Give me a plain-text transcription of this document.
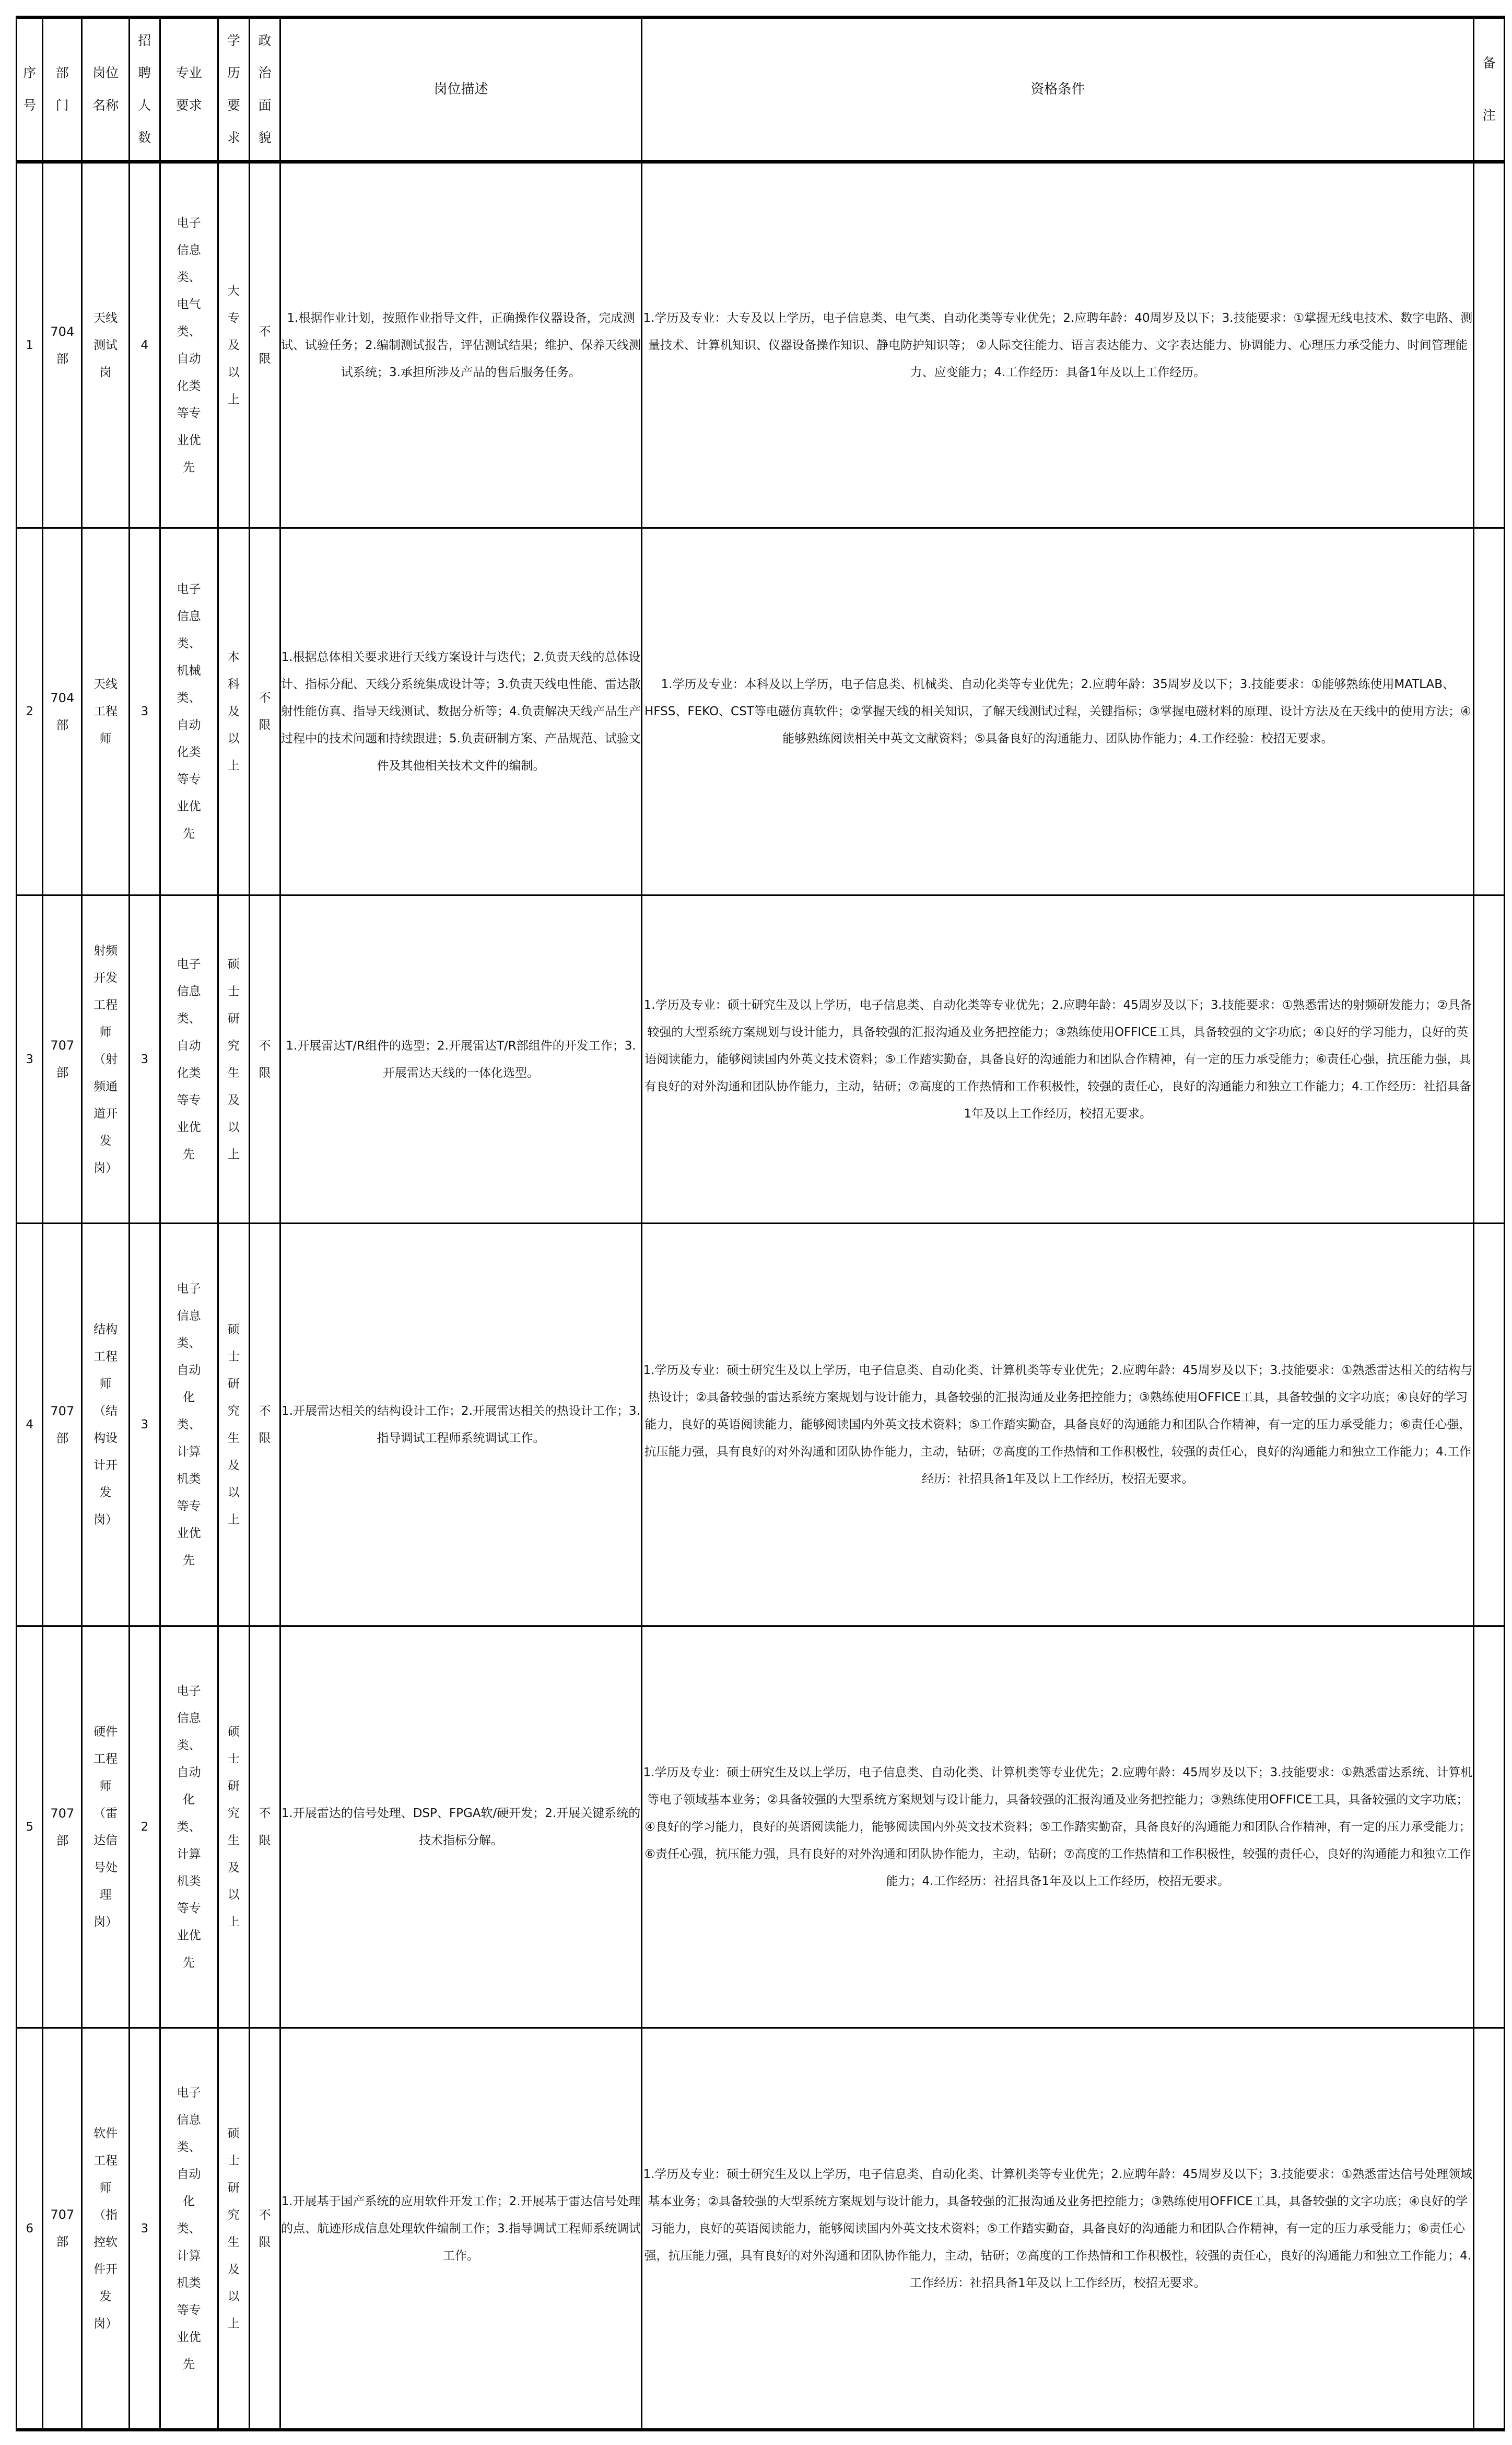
序号	部门	岗位名称	招聘人数	专业要求	学历要求	政治面貌	岗位描述	资格条件	备注
1	704部	天线测试岗	4	电子信息类、电气类、自动化类等专业优先	大专及以上	不限	1.根据作业计划，按照作业指导文件，正确操作仪器设备，完成测试、试验任务；2.编制测试报告，评估测试结果；维护、保养天线测试系统；3.承担所涉及产品的售后服务任务。	1.学历及专业：大专及以上学历，电子信息类、电气类、自动化类等专业优先；2.应聘年龄：40周岁及以下；3.技能要求：①掌握无线电技术、数字电路、测量技术、计算机知识、仪器设备操作知识、静电防护知识等； ②人际交往能力、语言表达能力、文字表达能力、协调能力、心理压力承受能力、时间管理能力、应变能力；4.工作经历：具备1年及以上工作经历。	
2	704部	天线工程师	3	电子信息类、机械类、自动化类等专业优先	本科及以上	不限	1.根据总体相关要求进行天线方案设计与迭代；2.负责天线的总体设计、指标分配、天线分系统集成设计等；3.负责天线电性能、雷达散射性能仿真、指导天线测试、数据分析等；4.负责解决天线产品生产过程中的技术问题和持续跟进；5.负责研制方案、产品规范、试验文件及其他相关技术文件的编制。	1.学历及专业：本科及以上学历，电子信息类、机械类、自动化类等专业优先；2.应聘年龄：35周岁及以下；3.技能要求：①能够熟练使用MATLAB、HFSS、FEKO、CST等电磁仿真软件；②掌握天线的相关知识，了解天线测试过程，关键指标；③掌握电磁材料的原理、设计方法及在天线中的使用方法；④能够熟练阅读相关中英文文献资料；⑤具备良好的沟通能力、团队协作能力；4.工作经验：校招无要求。	
3	707部	射频开发工程师（射频通道开发岗）	3	电子信息类、自动化类等专业优先	硕士研究生及以上	不限	1.开展雷达T/R组件的选型；2.开展雷达T/R部组件的开发工作；3.开展雷达天线的一体化选型。	1.学历及专业：硕士研究生及以上学历，电子信息类、自动化类等专业优先；2.应聘年龄：45周岁及以下；3.技能要求：①熟悉雷达的射频研发能力；②具备较强的大型系统方案规划与设计能力，具备较强的汇报沟通及业务把控能力；③熟练使用OFFICE工具，具备较强的文字功底；④良好的学习能力，良好的英语阅读能力，能够阅读国内外英文技术资料；⑤工作踏实勤奋，具备良好的沟通能力和团队合作精神，有一定的压力承受能力；⑥责任心强，抗压能力强，具有良好的对外沟通和团队协作能力，主动，钻研；⑦高度的工作热情和工作积极性，较强的责任心，良好的沟通能力和独立工作能力；4.工作经历：社招具备1年及以上工作经历，校招无要求。	
4	707部	结构工程师（结构设计开发岗）	3	电子信息类、自动化类、计算机类等专业优先	硕士研究生及以上	不限	1.开展雷达相关的结构设计工作；2.开展雷达相关的热设计工作；3.指导调试工程师系统调试工作。	1.学历及专业：硕士研究生及以上学历，电子信息类、自动化类、计算机类等专业优先；2.应聘年龄：45周岁及以下；3.技能要求：①熟悉雷达相关的结构与热设计；②具备较强的雷达系统方案规划与设计能力，具备较强的汇报沟通及业务把控能力；③熟练使用OFFICE工具，具备较强的文字功底；④良好的学习能力，良好的英语阅读能力，能够阅读国内外英文技术资料；⑤工作踏实勤奋，具备良好的沟通能力和团队合作精神，有一定的压力承受能力；⑥责任心强，抗压能力强，具有良好的对外沟通和团队协作能力，主动，钻研；⑦高度的工作热情和工作积极性，较强的责任心，良好的沟通能力和独立工作能力；4.工作经历：社招具备1年及以上工作经历，校招无要求。	
5	707部	硬件工程师（雷达信号处理岗）	2	电子信息类、自动化类、计算机类等专业优先	硕士研究生及以上	不限	1.开展雷达的信号处理、DSP、FPGA软/硬开发；2.开展关键系统的技术指标分解。	1.学历及专业：硕士研究生及以上学历，电子信息类、自动化类、计算机类等专业优先；2.应聘年龄：45周岁及以下；3.技能要求：①熟悉雷达系统、计算机等电子领域基本业务；②具备较强的大型系统方案规划与设计能力，具备较强的汇报沟通及业务把控能力；③熟练使用OFFICE工具，具备较强的文字功底；④良好的学习能力，良好的英语阅读能力，能够阅读国内外英文技术资料；⑤工作踏实勤奋，具备良好的沟通能力和团队合作精神，有一定的压力承受能力；⑥责任心强，抗压能力强，具有良好的对外沟通和团队协作能力，主动，钻研；⑦高度的工作热情和工作积极性，较强的责任心，良好的沟通能力和独立工作能力；4.工作经历：社招具备1年及以上工作经历，校招无要求。	
6	707部	软件工程师（指控软件开发岗）	3	电子信息类、自动化类、计算机类等专业优先	硕士研究生及以上	不限	1.开展基于国产系统的应用软件开发工作；2.开展基于雷达信号处理的点、航迹形成信息处理软件编制工作；3.指导调试工程师系统调试工作。	1.学历及专业：硕士研究生及以上学历，电子信息类、自动化类、计算机类等专业优先；2.应聘年龄：45周岁及以下；3.技能要求：①熟悉雷达信号处理领域基本业务；②具备较强的大型系统方案规划与设计能力，具备较强的汇报沟通及业务把控能力；③熟练使用OFFICE工具，具备较强的文字功底；④良好的学习能力，良好的英语阅读能力，能够阅读国内外英文技术资料；⑤工作踏实勤奋，具备良好的沟通能力和团队合作精神，有一定的压力承受能力；⑥责任心强，抗压能力强，具有良好的对外沟通和团队协作能力，主动，钻研；⑦高度的工作热情和工作积极性，较强的责任心，良好的沟通能力和独立工作能力；4.工作经历：社招具备1年及以上工作经历，校招无要求。	
